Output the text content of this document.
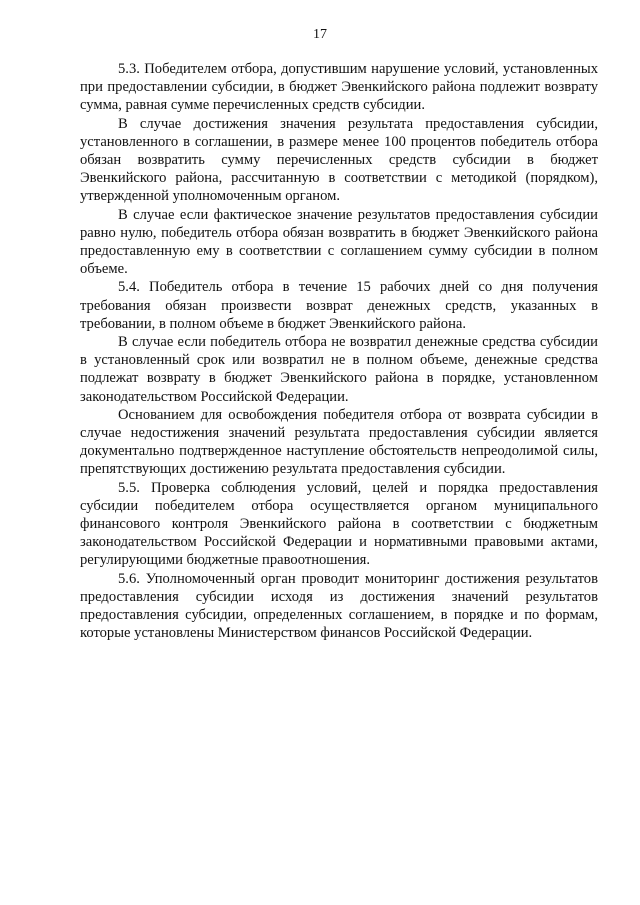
17

5.3. Победителем отбора, допустившим нарушение условий, установленных при предоставлении субсидии, в бюджет Эвенкийского района подлежит возврату сумма, равная сумме перечисленных средств субсидии.

В случае достижения значения результата предоставления субсидии, установленного в соглашении, в размере менее 100 процентов победитель отбора обязан возвратить сумму перечисленных средств субсидии в бюджет Эвенкийского района, рассчитанную в соответствии с методикой (порядком), утвержденной уполномоченным органом.

В случае если фактическое значение результатов предоставления субсидии равно нулю, победитель отбора обязан возвратить в бюджет Эвенкийского района предоставленную ему в соответствии с соглашением сумму субсидии в полном объеме.

5.4. Победитель отбора в течение 15 рабочих дней со дня получения требования обязан произвести возврат денежных средств, указанных в требовании, в полном объеме в бюджет Эвенкийского района.

В случае если победитель отбора не возвратил денежные средства субсидии в установленный срок или возвратил не в полном объеме, денежные средства подлежат возврату в бюджет Эвенкийского района в порядке, установленном законодательством Российской Федерации.

Основанием для освобождения победителя отбора от возврата субсидии в случае недостижения значений результата предоставления субсидии является документально подтвержденное наступление обстоятельств непреодолимой силы, препятствующих достижению результата предоставления субсидии.

5.5. Проверка соблюдения условий, целей и порядка предоставления субсидии победителем отбора осуществляется органом муниципального финансового контроля Эвенкийского района в соответствии с бюджетным законодательством Российской Федерации и нормативными правовыми актами, регулирующими бюджетные правоотношения.

5.6. Уполномоченный орган проводит мониторинг достижения результатов предоставления субсидии исходя из достижения значений результатов предоставления субсидии, определенных соглашением, в порядке и по формам, которые установлены Министерством финансов Российской Федерации.
